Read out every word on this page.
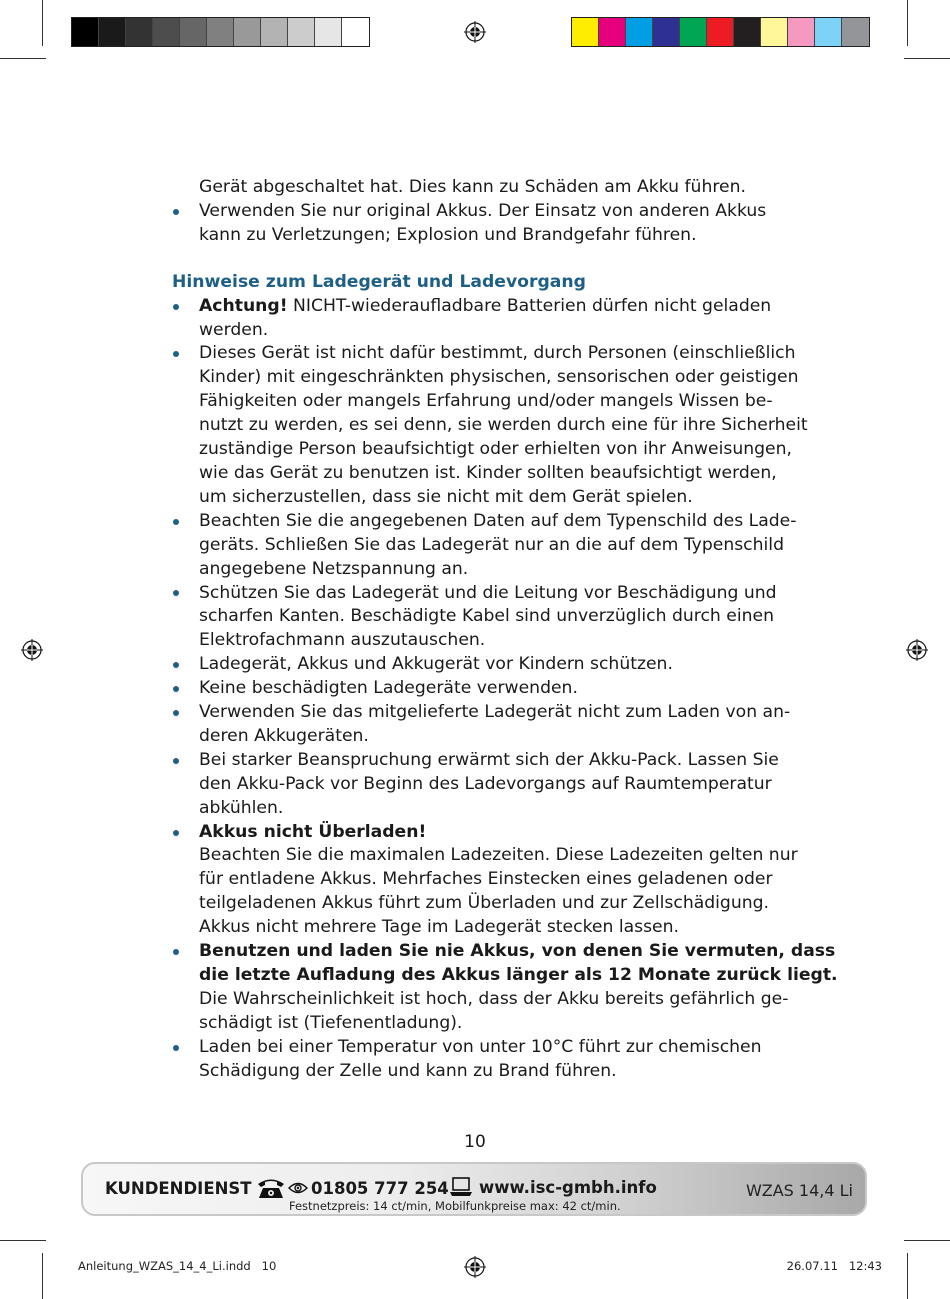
Gerät abgeschaltet hat. Dies kann zu Schäden am Akku führen.
Verwenden Sie nur original Akkus. Der Einsatz von anderen Akkus
kann zu Verletzungen; Explosion und Brandgefahr führen.
Hinweise zum Ladegerät und Ladevorgang
Achtung! NICHT-wiederaufladbare Batterien dürfen nicht geladen
werden.
Dieses Gerät ist nicht dafür bestimmt, durch Personen (einschließlich
Kinder) mit eingeschränkten physischen, sensorischen oder geistigen
Fähigkeiten oder mangels Erfahrung und/oder mangels Wissen be-
nutzt zu werden, es sei denn, sie werden durch eine für ihre Sicherheit
zuständige Person beaufsichtigt oder erhielten von ihr Anweisungen,
wie das Gerät zu benutzen ist. Kinder sollten beaufsichtigt werden,
um sicherzustellen, dass sie nicht mit dem Gerät spielen.
Beachten Sie die angegebenen Daten auf dem Typenschild des Lade-
geräts. Schließen Sie das Ladegerät nur an die auf dem Typenschild
angegebene Netzspannung an.
Schützen Sie das Ladegerät und die Leitung vor Beschädigung und
scharfen Kanten. Beschädigte Kabel sind unverzüglich durch einen
Elektrofachmann auszutauschen.
Ladegerät, Akkus und Akkugerät vor Kindern schützen.
Keine beschädigten Ladegeräte verwenden.
Verwenden Sie das mitgelieferte Ladegerät nicht zum Laden von an-
deren Akkugeräten.
Bei starker Beanspruchung erwärmt sich der Akku-Pack. Lassen Sie
den Akku-Pack vor Beginn des Ladevorgangs auf Raumtemperatur
abkühlen.
Akkus nicht Überladen!
Beachten Sie die maximalen Ladezeiten. Diese Ladezeiten gelten nur
für entladene Akkus. Mehrfaches Einstecken eines geladenen oder
teilgeladenen Akkus führt zum Überladen und zur Zellschädigung.
Akkus nicht mehrere Tage im Ladegerät stecken lassen.
Benutzen und laden Sie nie Akkus, von denen Sie vermuten, dass
die letzte Aufladung des Akkus länger als 12 Monate zurück liegt.
Die Wahrscheinlichkeit ist hoch, dass der Akku bereits gefährlich ge-
schädigt ist (Tiefenentladung).
Laden bei einer Temperatur von unter 10°C führt zur chemischen
Schädigung der Zelle und kann zu Brand führen.
10
KUNDENDIENST	01805 777 254 www.isc-gmbh.info
Festnetzpreis: 14 ct/min, Mobilfunkpreise max: 42 ct/min.
WZAS 14,4 Li
Anleitung_WZAS_14_4_Li.indd   10	26.07.11   12:43
